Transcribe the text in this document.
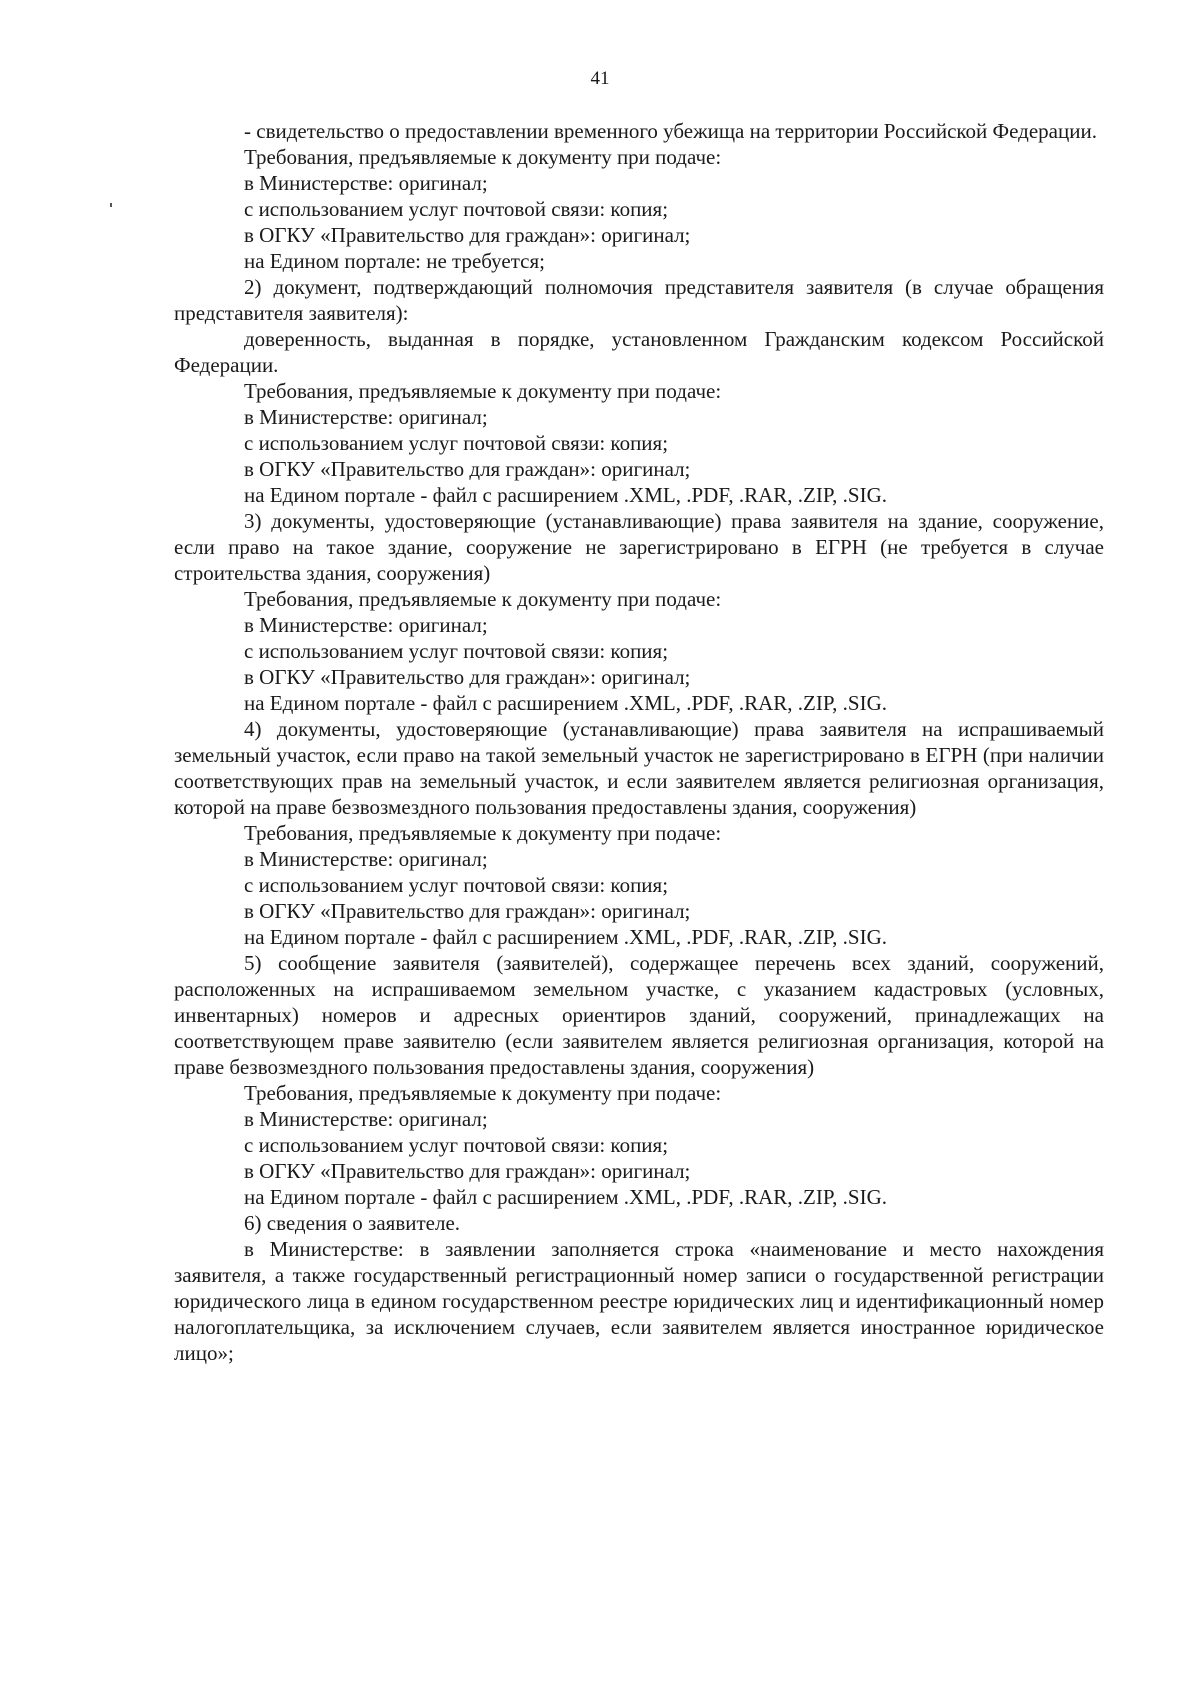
41

- свидетельство о предоставлении временного убежища на территории Российской Федерации.

Требования, предъявляемые к документу при подаче:

в Министерстве: оригинал;

с использованием услуг почтовой связи: копия;

в ОГКУ «Правительство для граждан»: оригинал;

на Едином портале: не требуется;

2) документ, подтверждающий полномочия представителя заявителя (в случае обращения представителя заявителя):

доверенность, выданная в порядке, установленном Гражданским кодексом Российской Федерации.

Требования, предъявляемые к документу при подаче:

в Министерстве: оригинал;

с использованием услуг почтовой связи: копия;

в ОГКУ «Правительство для граждан»: оригинал;

на Едином портале - файл с расширением .XML, .PDF, .RAR, .ZIP, .SIG.

3) документы, удостоверяющие (устанавливающие) права заявителя на здание, сооружение, если право на такое здание, сооружение не зарегистрировано в ЕГРН (не требуется в случае строительства здания, сооружения)

Требования, предъявляемые к документу при подаче:

в Министерстве: оригинал;

с использованием услуг почтовой связи: копия;

в ОГКУ «Правительство для граждан»: оригинал;

на Едином портале - файл с расширением .XML, .PDF, .RAR, .ZIP, .SIG.

4) документы, удостоверяющие (устанавливающие) права заявителя на испрашиваемый земельный участок, если право на такой земельный участок не зарегистрировано в ЕГРН (при наличии соответствующих прав на земельный участок, и если заявителем является религиозная организация, которой на праве безвозмездного пользования предоставлены здания, сооружения)

Требования, предъявляемые к документу при подаче:

в Министерстве: оригинал;

с использованием услуг почтовой связи: копия;

в ОГКУ «Правительство для граждан»: оригинал;

на Едином портале - файл с расширением .XML, .PDF, .RAR, .ZIP, .SIG.

5) сообщение заявителя (заявителей), содержащее перечень всех зданий, сооружений, расположенных на испрашиваемом земельном участке, с указанием кадастровых (условных, инвентарных) номеров и адресных ориентиров зданий, сооружений, принадлежащих на соответствующем праве заявителю (если заявителем является религиозная организация, которой на праве безвозмездного пользования предоставлены здания, сооружения)

Требования, предъявляемые к документу при подаче:

в Министерстве: оригинал;

с использованием услуг почтовой связи: копия;

в ОГКУ «Правительство для граждан»: оригинал;

на Едином портале - файл с расширением .XML, .PDF, .RAR, .ZIP, .SIG.

6) сведения о заявителе.

в Министерстве: в заявлении заполняется строка «наименование и место нахождения заявителя, а также государственный регистрационный номер записи о государственной регистрации юридического лица в едином государственном реестре юридических лиц и идентификационный номер налогоплательщика, за исключением случаев, если заявителем является иностранное юридическое лицо»;
